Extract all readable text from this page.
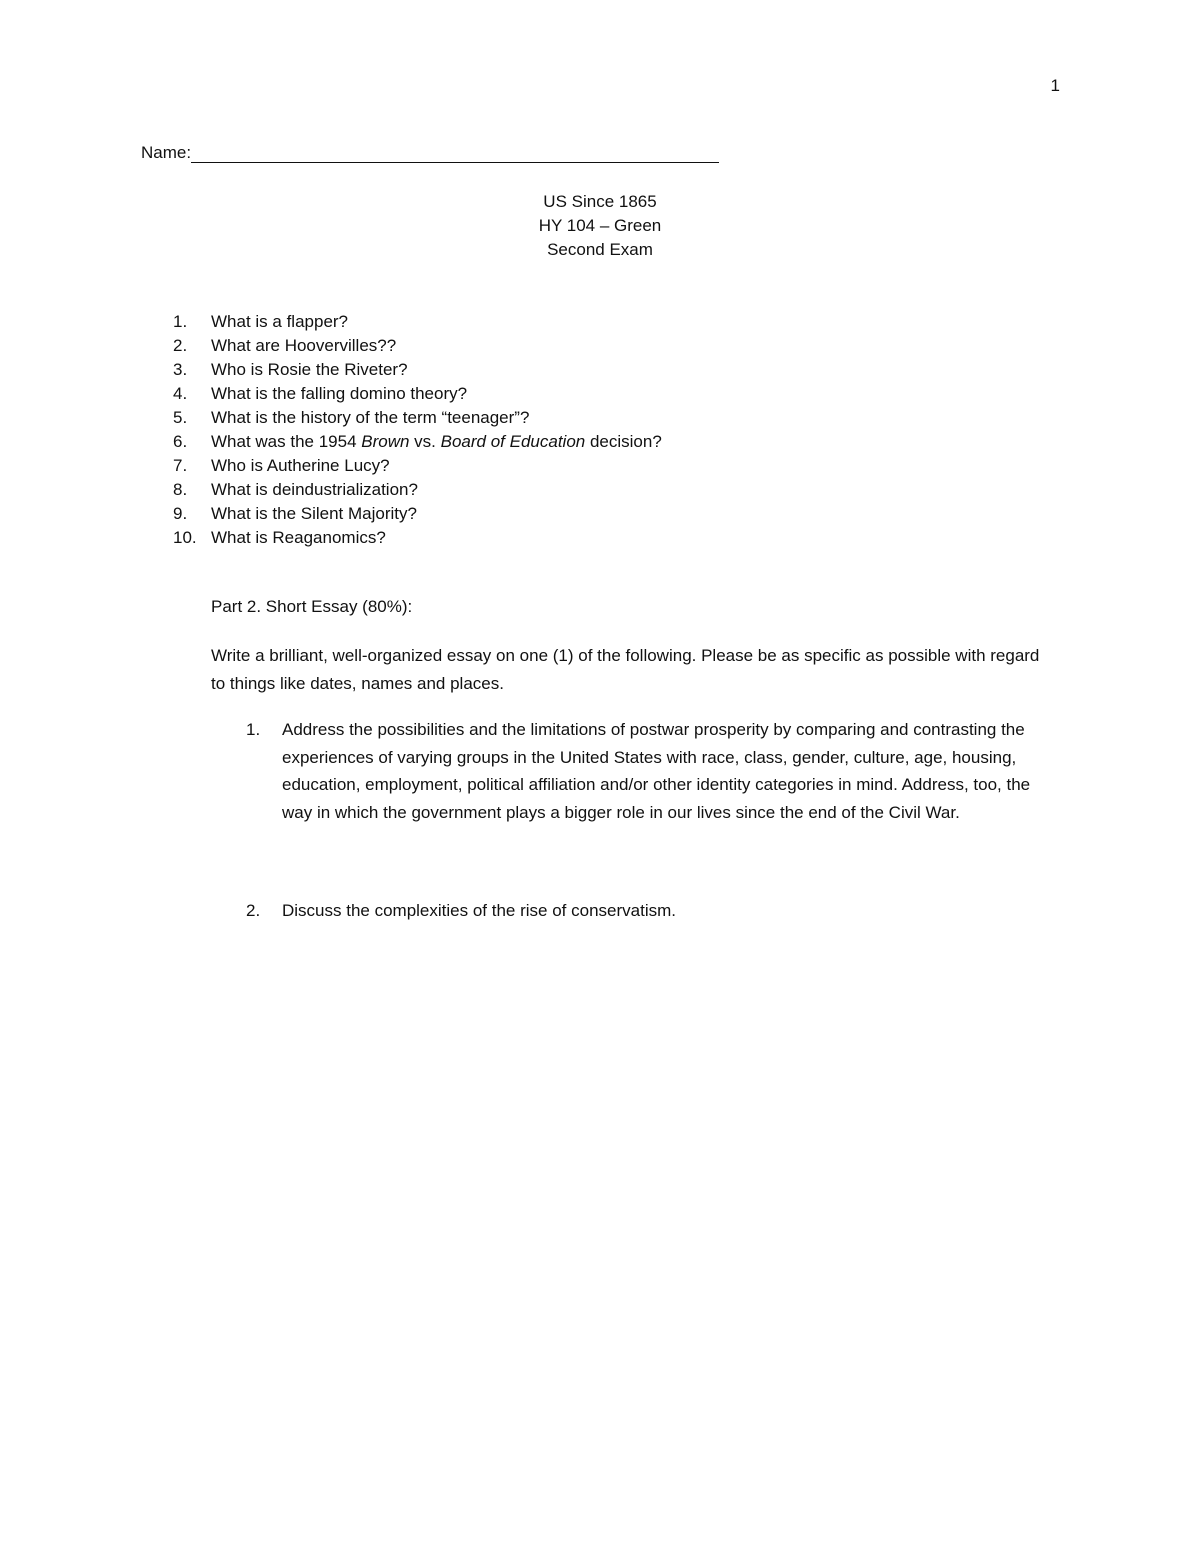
1
Name:
US Since 1865
HY 104 – Green
Second Exam
1.	What is a flapper?
2.	What are Hoovervilles??
3.	Who is Rosie the Riveter?
4.	What is the falling domino theory?
5.	What is the history of the term “teenager”?
6.	What was the 1954 Brown vs. Board of Education decision?
7.	Who is Autherine Lucy?
8.	What is deindustrialization?
9.	What is the Silent Majority?
10. What is Reaganomics?
Part 2. Short Essay (80%):
Write a brilliant, well-organized essay on one (1) of the following. Please be as specific as possible with regard to things like dates, names and places.
1.	Address the possibilities and the limitations of postwar prosperity by comparing and contrasting the experiences of varying groups in the United States with race, class, gender, culture, age, housing, education, employment, political affiliation and/or other identity categories in mind. Address, too, the way in which the government plays a bigger role in our lives since the end of the Civil War.
2.	Discuss the complexities of the rise of conservatism.
